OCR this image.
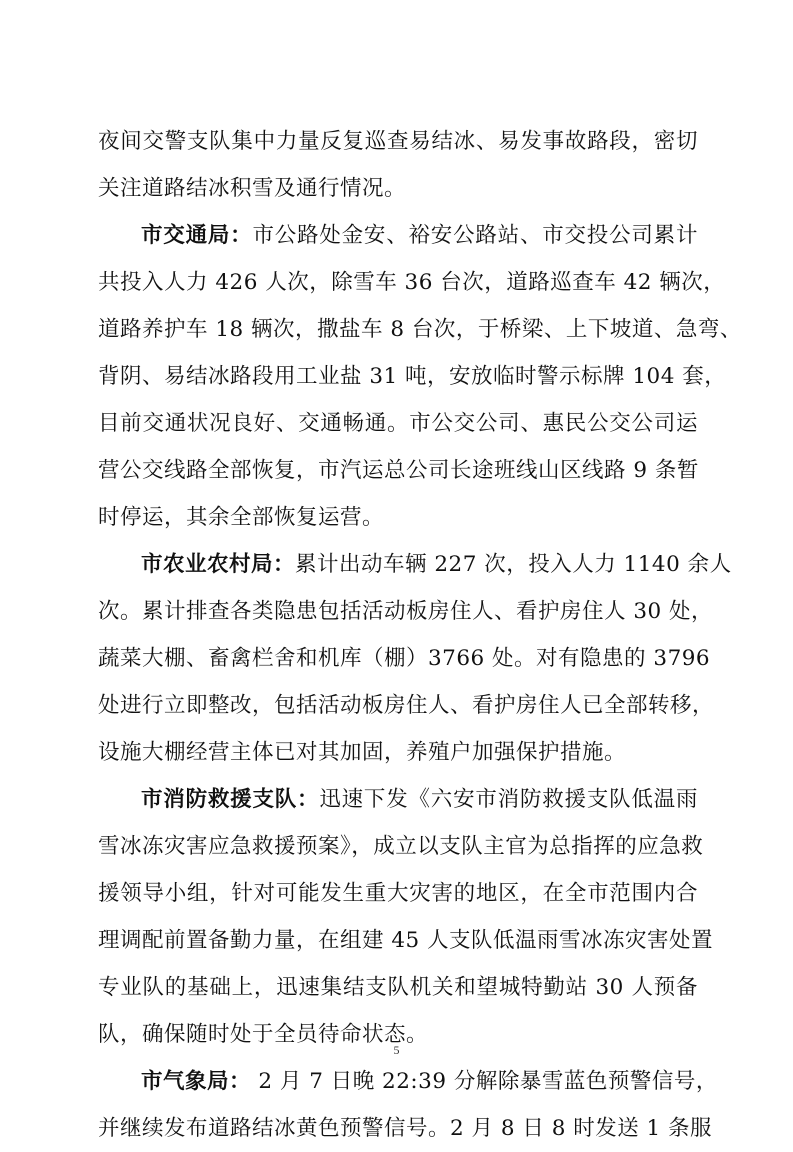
夜间交警支队集中力量反复巡查易结冰、易发事故路段，密切
关注道路结冰积雪及通行情况。
市交通局：市公路处金安、裕安公路站、市交投公司累计
共投入人力 426 人次，除雪车 36 台次，道路巡查车 42 辆次，
道路养护车 18 辆次，撒盐车 8 台次，于桥梁、上下坡道、急弯、
背阴、易结冰路段用工业盐 31 吨，安放临时警示标牌 104 套，
目前交通状况良好、交通畅通。市公交公司、惠民公交公司运
营公交线路全部恢复，市汽运总公司长途班线山区线路 9 条暂
时停运，其余全部恢复运营。
市农业农村局：累计出动车辆 227 次，投入人力 1140 余人
次。累计排查各类隐患包括活动板房住人、看护房住人 30 处，
蔬菜大棚、畜禽栏舍和机库（棚）3766 处。对有隐患的 3796
处进行立即整改，包括活动板房住人、看护房住人已全部转移，
设施大棚经营主体已对其加固，养殖户加强保护措施。
市消防救援支队：迅速下发《六安市消防救援支队低温雨
雪冰冻灾害应急救援预案》，成立以支队主官为总指挥的应急救
援领导小组，针对可能发生重大灾害的地区，在全市范围内合
理调配前置备勤力量，在组建 45 人支队低温雨雪冰冻灾害处置
专业队的基础上，迅速集结支队机关和望城特勤站 30 人预备
队，确保随时处于全员待命状态。
市气象局： 2 月 7 日晚 22:39 分解除暴雪蓝色预警信号，
并继续发布道路结冰黄色预警信号。2 月 8 日 8 时发送 1 条服
5
